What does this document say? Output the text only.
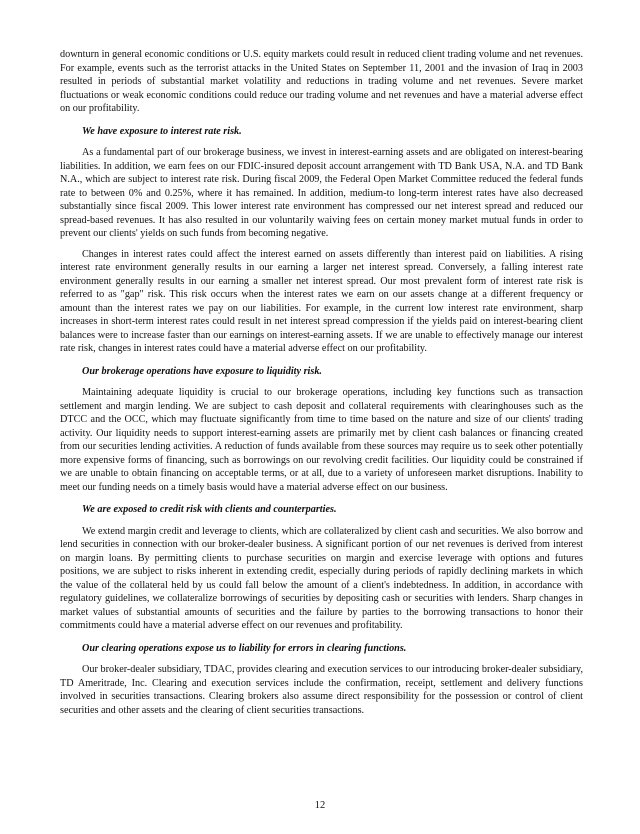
downturn in general economic conditions or U.S. equity markets could result in reduced client trading volume and net revenues. For example, events such as the terrorist attacks in the United States on September 11, 2001 and the invasion of Iraq in 2003 resulted in periods of substantial market volatility and reductions in trading volume and net revenues. Severe market fluctuations or weak economic conditions could reduce our trading volume and net revenues and have a material adverse effect on our profitability.

We have exposure to interest rate risk.

As a fundamental part of our brokerage business, we invest in interest-earning assets and are obligated on interest-bearing liabilities. In addition, we earn fees on our FDIC-insured deposit account arrangement with TD Bank USA, N.A. and TD Bank N.A., which are subject to interest rate risk. During fiscal 2009, the Federal Open Market Committee reduced the federal funds rate to between 0% and 0.25%, where it has remained. In addition, medium-to long-term interest rates have also decreased substantially since fiscal 2009. This lower interest rate environment has compressed our net interest spread and reduced our spread-based revenues. It has also resulted in our voluntarily waiving fees on certain money market mutual funds in order to prevent our clients' yields on such funds from becoming negative.

Changes in interest rates could affect the interest earned on assets differently than interest paid on liabilities. A rising interest rate environment generally results in our earning a larger net interest spread. Conversely, a falling interest rate environment generally results in our earning a smaller net interest spread. Our most prevalent form of interest rate risk is referred to as "gap" risk. This risk occurs when the interest rates we earn on our assets change at a different frequency or amount than the interest rates we pay on our liabilities. For example, in the current low interest rate environment, sharp increases in short-term interest rates could result in net interest spread compression if the yields paid on interest-bearing client balances were to increase faster than our earnings on interest-earning assets. If we are unable to effectively manage our interest rate risk, changes in interest rates could have a material adverse effect on our profitability.

Our brokerage operations have exposure to liquidity risk.

Maintaining adequate liquidity is crucial to our brokerage operations, including key functions such as transaction settlement and margin lending. We are subject to cash deposit and collateral requirements with clearinghouses such as the DTCC and the OCC, which may fluctuate significantly from time to time based on the nature and size of our clients' trading activity. Our liquidity needs to support interest-earning assets are primarily met by client cash balances or financing created from our securities lending activities. A reduction of funds available from these sources may require us to seek other potentially more expensive forms of financing, such as borrowings on our revolving credit facilities. Our liquidity could be constrained if we are unable to obtain financing on acceptable terms, or at all, due to a variety of unforeseen market disruptions. Inability to meet our funding needs on a timely basis would have a material adverse effect on our business.

We are exposed to credit risk with clients and counterparties.

We extend margin credit and leverage to clients, which are collateralized by client cash and securities. We also borrow and lend securities in connection with our broker-dealer business. A significant portion of our net revenues is derived from interest on margin loans. By permitting clients to purchase securities on margin and exercise leverage with options and futures positions, we are subject to risks inherent in extending credit, especially during periods of rapidly declining markets in which the value of the collateral held by us could fall below the amount of a client's indebtedness. In addition, in accordance with regulatory guidelines, we collateralize borrowings of securities by depositing cash or securities with lenders. Sharp changes in market values of substantial amounts of securities and the failure by parties to the borrowing transactions to honor their commitments could have a material adverse effect on our revenues and profitability.

Our clearing operations expose us to liability for errors in clearing functions.

Our broker-dealer subsidiary, TDAC, provides clearing and execution services to our introducing broker-dealer subsidiary, TD Ameritrade, Inc. Clearing and execution services include the confirmation, receipt, settlement and delivery functions involved in securities transactions. Clearing brokers also assume direct responsibility for the possession or control of client securities and other assets and the clearing of client securities transactions.

12
